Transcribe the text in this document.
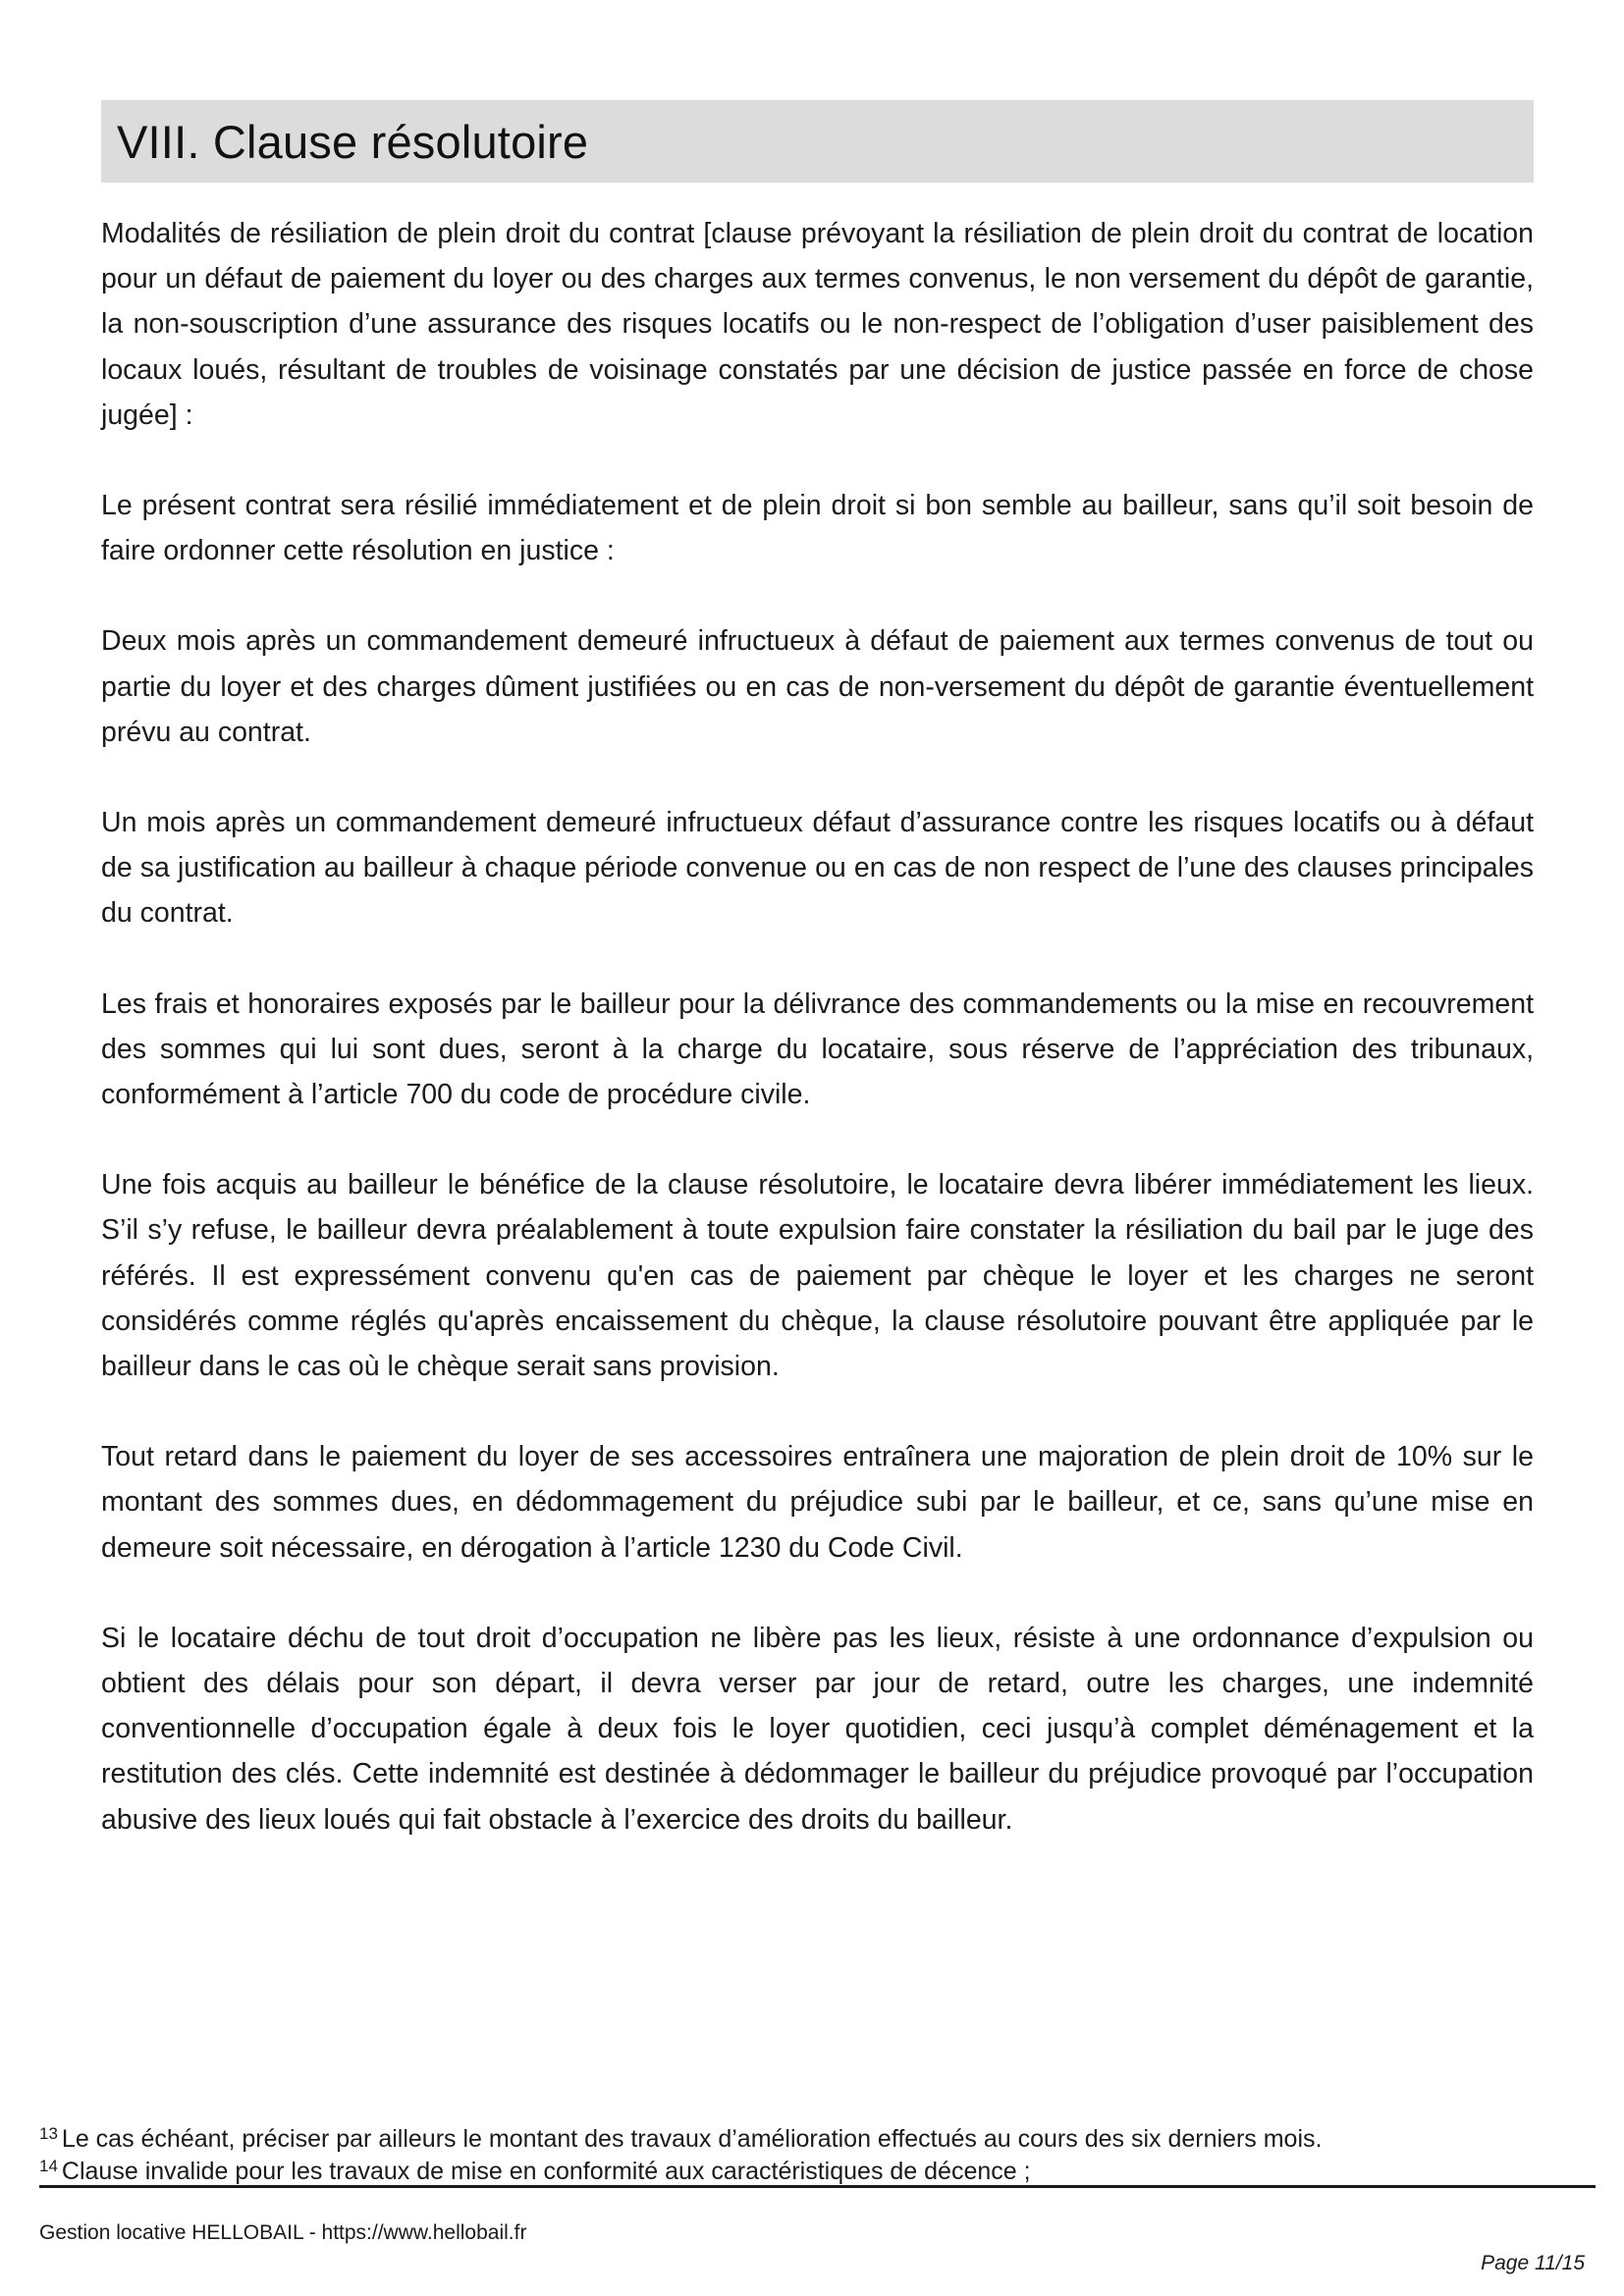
VIII. Clause résolutoire

Modalités de résiliation de plein droit du contrat [clause prévoyant la résiliation de plein droit du contrat de location pour un défaut de paiement du loyer ou des charges aux termes convenus, le non versement du dépôt de garantie, la non-souscription d’une assurance des risques locatifs ou le non-respect de l’obligation d’user paisiblement des locaux loués, résultant de troubles de voisinage constatés par une décision de justice passée en force de chose jugée] :

Le présent contrat sera résilié immédiatement et de plein droit si bon semble au bailleur, sans qu’il soit besoin de faire ordonner cette résolution en justice :

Deux mois après un commandement demeuré infructueux à défaut de paiement aux termes convenus de tout ou partie du loyer et des charges dûment justifiées ou en cas de non-versement du dépôt de garantie éventuellement prévu au contrat.

Un mois après un commandement demeuré infructueux défaut d’assurance contre les risques locatifs ou à défaut de sa justification au bailleur à chaque période convenue ou en cas de non respect de l’une des clauses principales du contrat.

Les frais et honoraires exposés par le bailleur pour la délivrance des commandements ou la mise en recouvrement des sommes qui lui sont dues, seront à la charge du locataire, sous réserve de l’appréciation des tribunaux, conformément à l’article 700 du code de procédure civile.

Une fois acquis au bailleur le bénéfice de la clause résolutoire, le locataire devra libérer immédiatement les lieux. S’il s’y refuse, le bailleur devra préalablement à toute expulsion faire constater la résiliation du bail par le juge des référés. Il est expressément convenu qu'en cas de paiement par chèque le loyer et les charges ne seront considérés comme réglés qu'après encaissement du chèque, la clause résolutoire pouvant être appliquée par le bailleur dans le cas où le chèque serait sans provision.

Tout retard dans le paiement du loyer de ses accessoires entraînera une majoration de plein droit de 10% sur le montant des sommes dues, en dédommagement du préjudice subi par le bailleur, et ce, sans qu’une mise en demeure soit nécessaire, en dérogation à l’article 1230 du Code Civil.

Si le locataire déchu de tout droit d’occupation ne libère pas les lieux, résiste à une ordonnance d’expulsion ou obtient des délais pour son départ, il devra verser par jour de retard, outre les charges, une indemnité conventionnelle d’occupation égale à deux fois le loyer quotidien, ceci jusqu’à complet déménagement et la restitution des clés. Cette indemnité est destinée à dédommager le bailleur du préjudice provoqué par l’occupation abusive des lieux loués qui fait obstacle à l’exercice des droits du bailleur.

$^{13}$ Le cas échéant, préciser par ailleurs le montant des travaux d’amélioration effectués au cours des six derniers mois.

$^{14}$ Clause invalide pour les travaux de mise en conformité aux caractéristiques de décence ;

Gestion locative HELLOBAIL - https://www.hellobail.fr

Page 11/15
